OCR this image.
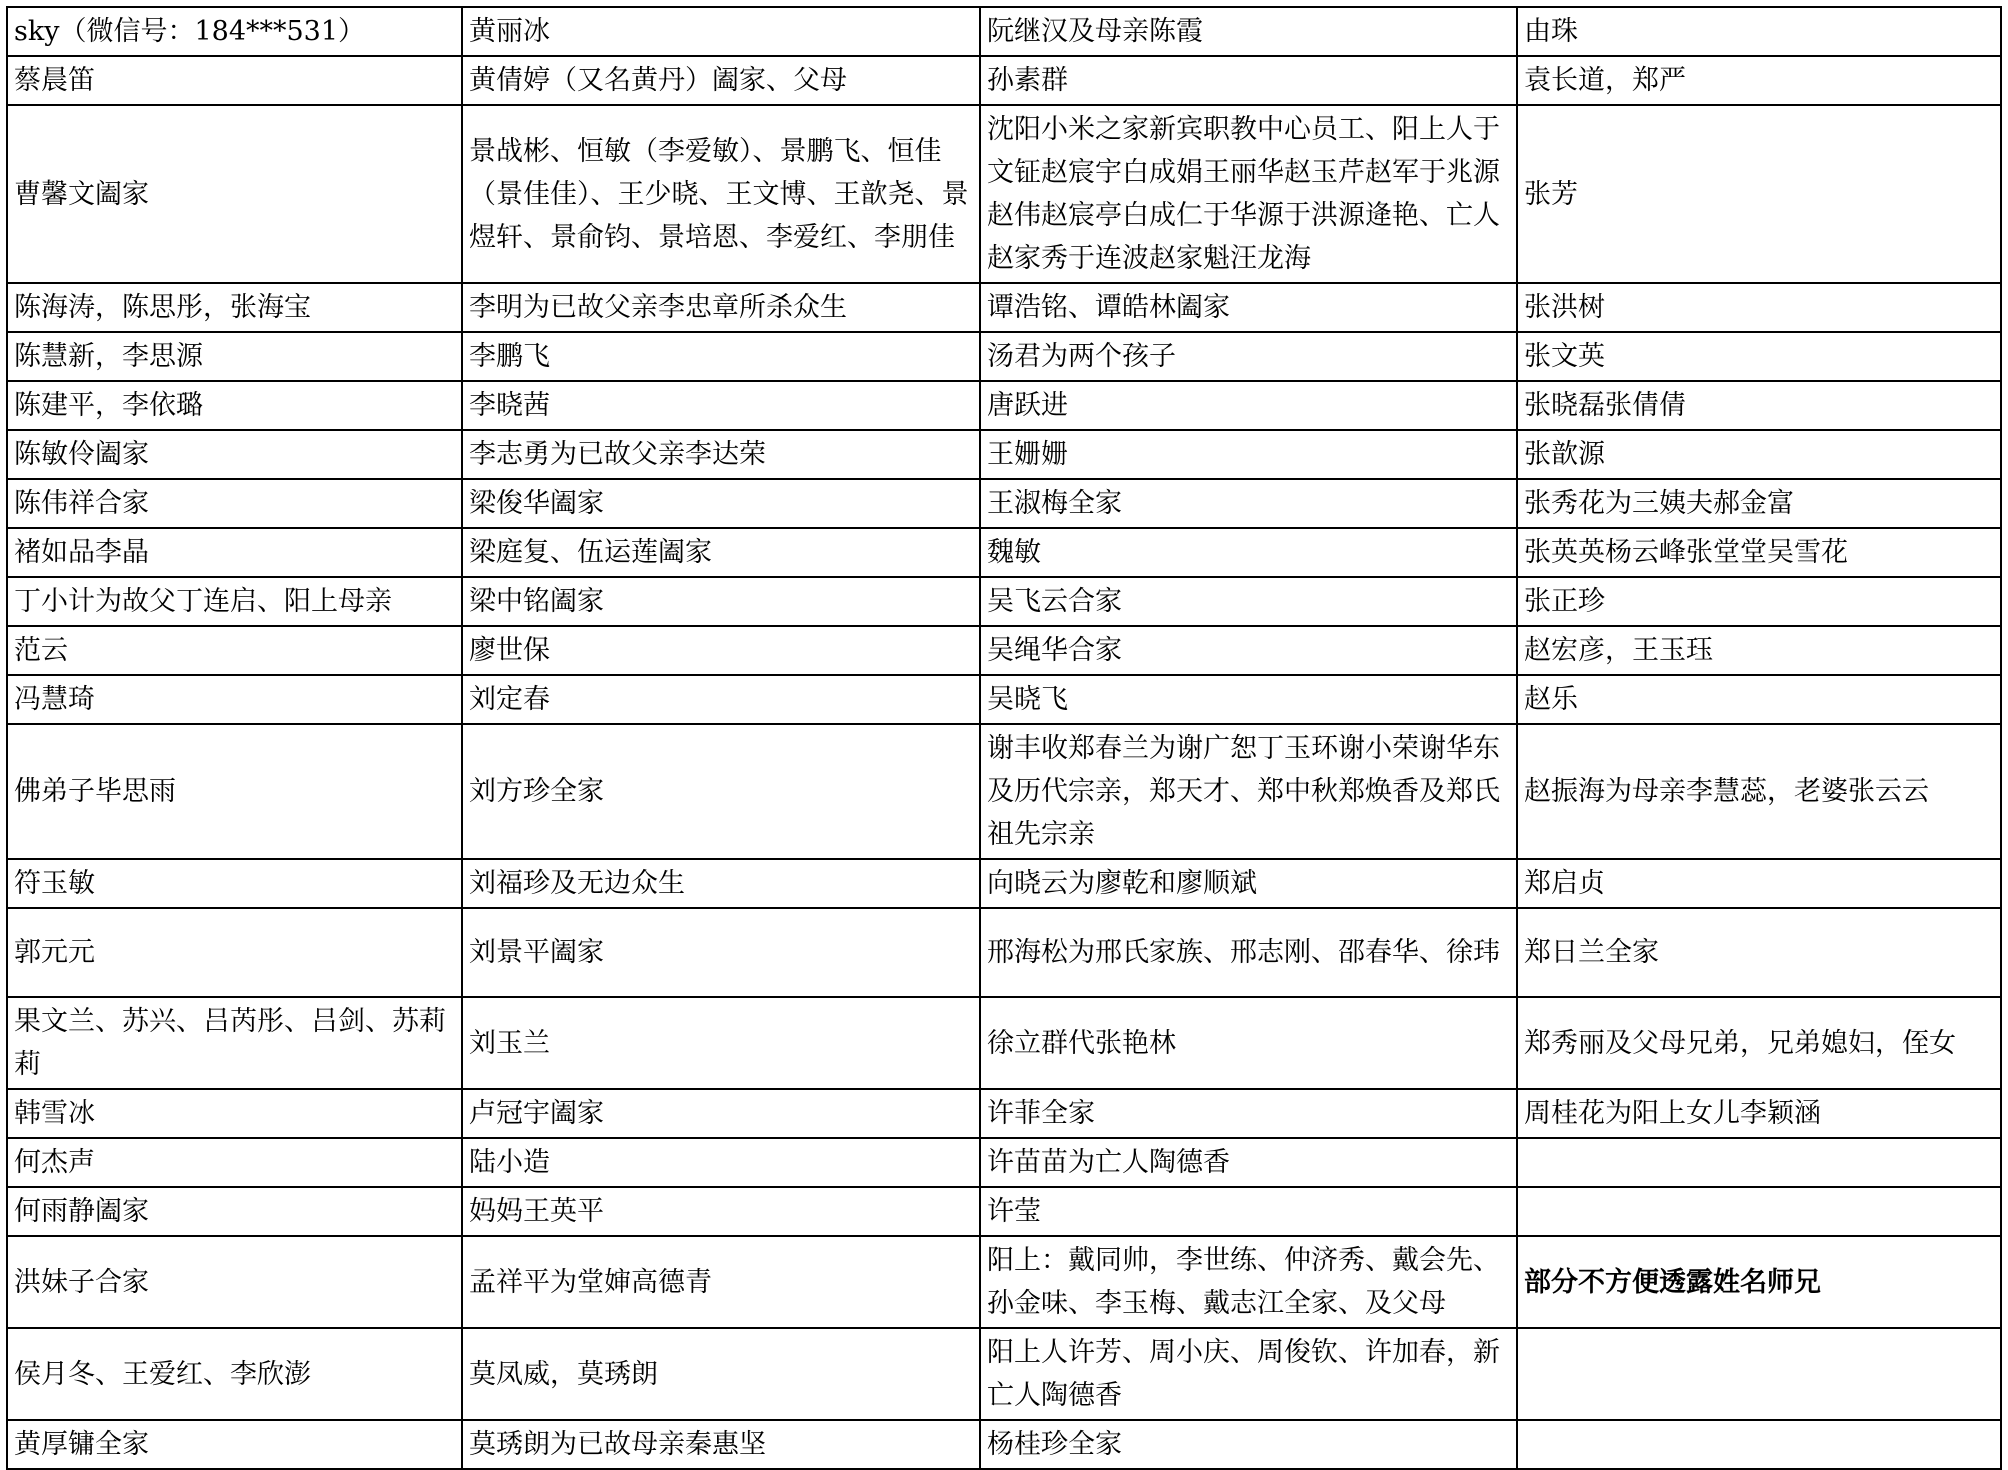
sky（微信号：184***531）	黄丽冰	阮继汉及母亲陈霞	由珠
蔡晨笛	黄倩婷（又名黄丹）阖家、父母	孙素群	袁长道，郑严
曹馨文阖家	景战彬、恒敏（李爱敏）、景鹏飞、恒佳（景佳佳）、王少晓、王文博、王歆尧、景煜轩、景俞钧、景培恩、李爱红、李朋佳	沈阳小米之家新宾职教中心员工、阳上人于文钲赵宸宇白成娟王丽华赵玉芹赵军于兆源赵伟赵宸亭白成仁于华源于洪源逄艳、亡人赵家秀于连波赵家魁汪龙海	张芳
陈海涛，陈思彤，张海宝	李明为已故父亲李忠章所杀众生	谭浩铭、谭皓林阖家	张洪树
陈慧新，李思源	李鹏飞	汤君为两个孩子	张文英
陈建平，李依璐	李晓茜	唐跃进	张晓磊张倩倩
陈敏伶阖家	李志勇为已故父亲李达荣	王姗姗	张歆源
陈伟祥合家	梁俊华阖家	王淑梅全家	张秀花为三姨夫郝金富
褚如品李晶	梁庭复、伍运莲阖家	魏敏	张英英杨云峰张堂堂吴雪花
丁小计为故父丁连启、阳上母亲	梁中铭阖家	吴飞云合家	张正珍
范云	廖世保	吴绳华合家	赵宏彦，王玉珏
冯慧琦	刘定春	吴晓飞	赵乐
佛弟子毕思雨	刘方珍全家	谢丰收郑春兰为谢广恕丁玉环谢小荣谢华东及历代宗亲，郑天才、郑中秋郑焕香及郑氏祖先宗亲	赵振海为母亲李慧蕊，老婆张云云
符玉敏	刘福珍及无边众生	向晓云为廖乾和廖顺斌	郑启贞
郭元元	刘景平阖家	邢海松为邢氏家族、邢志刚、邵春华、徐玮	郑日兰全家
果文兰、苏兴、吕芮彤、吕剑、苏莉莉	刘玉兰	徐立群代张艳林	郑秀丽及父母兄弟，兄弟媳妇，侄女
韩雪冰	卢冠宇阖家	许菲全家	周桂花为阳上女儿李颖涵
何杰声	陆小造	许苗苗为亡人陶德香	
何雨静阖家	妈妈王英平	许莹	
洪妹子合家	孟祥平为堂婶高德青	阳上：戴同帅，李世练、仲济秀、戴会先、孙金味、李玉梅、戴志江全家、及父母	部分不方便透露姓名师兄
侯月冬、王爱红、李欣澎	莫凤威，莫琇朗	阳上人许芳、周小庆、周俊钦、许加春，新亡人陶德香	
黄厚镛全家	莫琇朗为已故母亲秦惠坚	杨桂珍全家	
